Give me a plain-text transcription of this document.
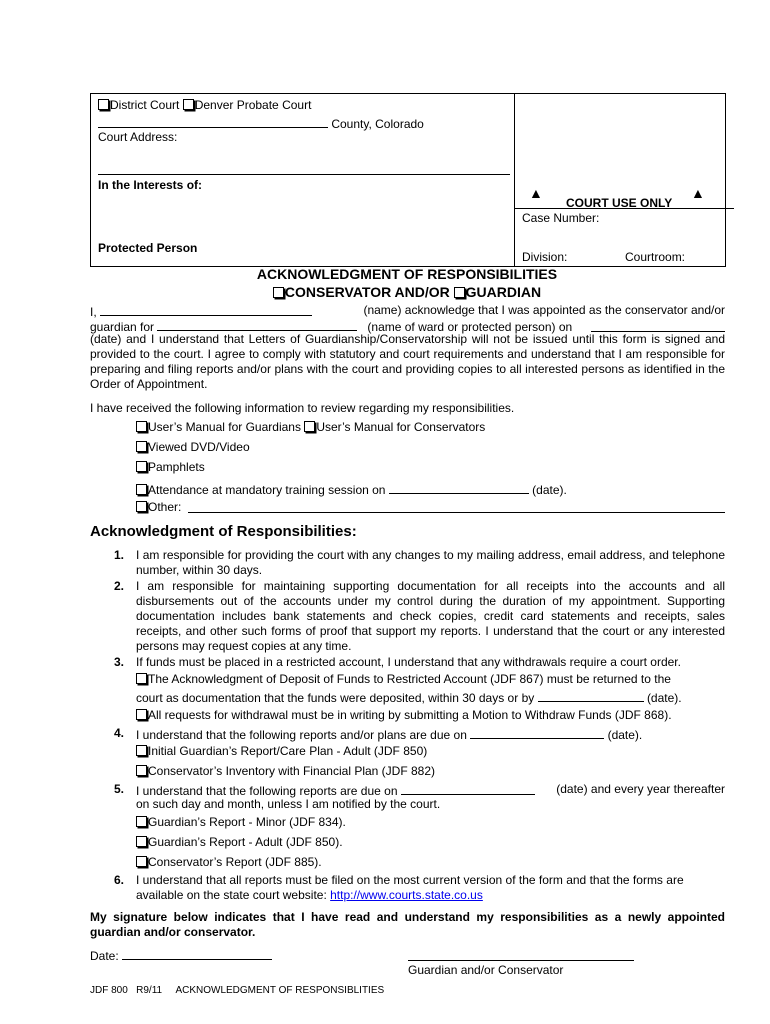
District Court Denver Probate Court
County, Colorado
Court Address:
In the Interests of:
Protected Person
▲
COURT USE ONLY
▲
Case Number:
Division:	Courtroom:
ACKNOWLEDGMENT OF RESPONSIBILITIES
CONSERVATOR AND/OR GUARDIAN
I,	(name) acknowledge that I was appointed as the conservator and/or
guardian for	(name of ward or protected person) on
(date) and I understand that Letters of Guardianship/Conservatorship will not be issued until this form is signed and provided to the court. I agree to comply with statutory and court requirements and understand that I am responsible for preparing and filing reports and/or plans with the court and providing copies to all interested persons as identified in the Order of Appointment.
I have received the following information to review regarding my responsibilities.
User’s Manual for Guardians User’s Manual for Conservators
Viewed DVD/Video
Pamphlets
Attendance at mandatory training session on	(date).
Other:
Acknowledgment of Responsibilities:
1. I am responsible for providing the court with any changes to my mailing address, email address, and telephone number, within 30 days.
2. I am responsible for maintaining supporting documentation for all receipts into the accounts and all disbursements out of the accounts under my control during the duration of my appointment. Supporting documentation includes bank statements and check copies, credit card statements and receipts, sales receipts, and other such forms of proof that support my reports. I understand that the court or any interested persons may request copies at any time.
3. If funds must be placed in a restricted account, I understand that any withdrawals require a court order.
The Acknowledgment of Deposit of Funds to Restricted Account (JDF 867) must be returned to the
court as documentation that the funds were deposited, within 30 days or by	(date).
All requests for withdrawal must be in writing by submitting a Motion to Withdraw Funds (JDF 868).
4. I understand that the following reports and/or plans are due on	(date).
Initial Guardian’s Report/Care Plan - Adult (JDF 850)
Conservator’s Inventory with Financial Plan (JDF 882)
5. I understand that the following reports are due on	(date) and every year thereafter
on such day and month, unless I am notified by the court.
Guardian’s Report - Minor (JDF 834).
Guardian’s Report - Adult (JDF 850).
Conservator’s Report (JDF 885).
6. I understand that all reports must be filed on the most current version of the form and that the forms are
available on the state court website: http://www.courts.state.co.us
My signature below indicates that I have read and understand my responsibilities as a newly appointed guardian and/or conservator.
Date:
Guardian and/or Conservator
JDF 800 R9/11 ACKNOWLEDGMENT OF RESPONSIBLITIES
